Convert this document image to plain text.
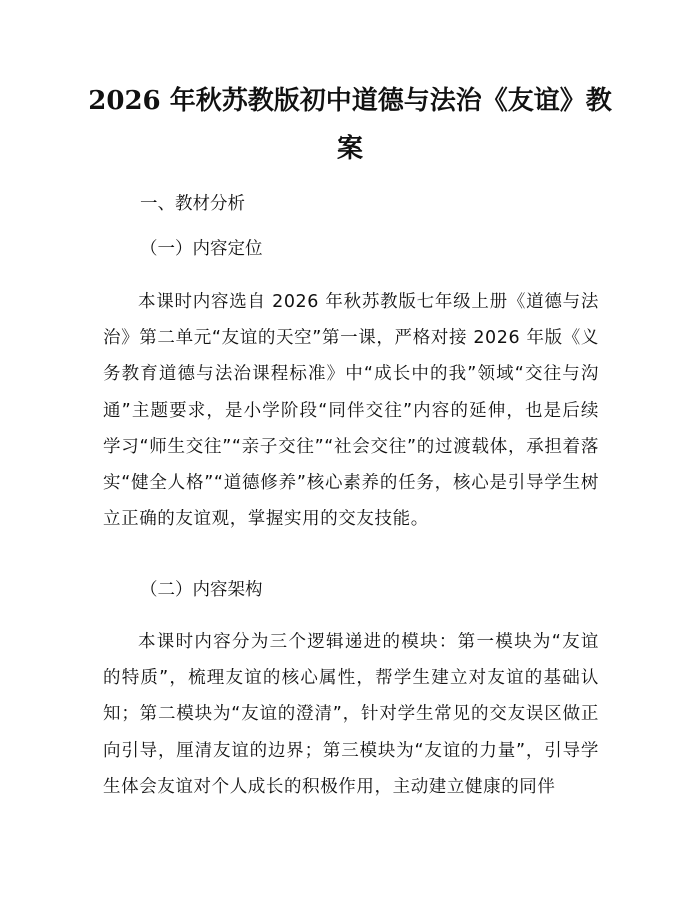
2026 年秋苏教版初中道德与法治《友谊》教
案

一、教材分析

（一）内容定位

本课时内容选自 2026 年秋苏教版七年级上册《道德与法治》第二单元“友谊的天空”第一课，严格对接 2026 年版《义务教育道德与法治课程标准》中“成长中的我”领域“交往与沟通”主题要求，是小学阶段“同伴交往”内容的延伸，也是后续学习“师生交往”“亲子交往”“社会交往”的过渡载体，承担着落实“健全人格”“道德修养”核心素养的任务，核心是引导学生树立正确的友谊观，掌握实用的交友技能。

（二）内容架构

本课时内容分为三个逻辑递进的模块：第一模块为“友谊的特质”，梳理友谊的核心属性，帮学生建立对友谊的基础认知；第二模块为“友谊的澄清”，针对学生常见的交友误区做正向引导，厘清友谊的边界；第三模块为“友谊的力量”，引导学生体会友谊对个人成长的积极作用，主动建立健康的同伴
